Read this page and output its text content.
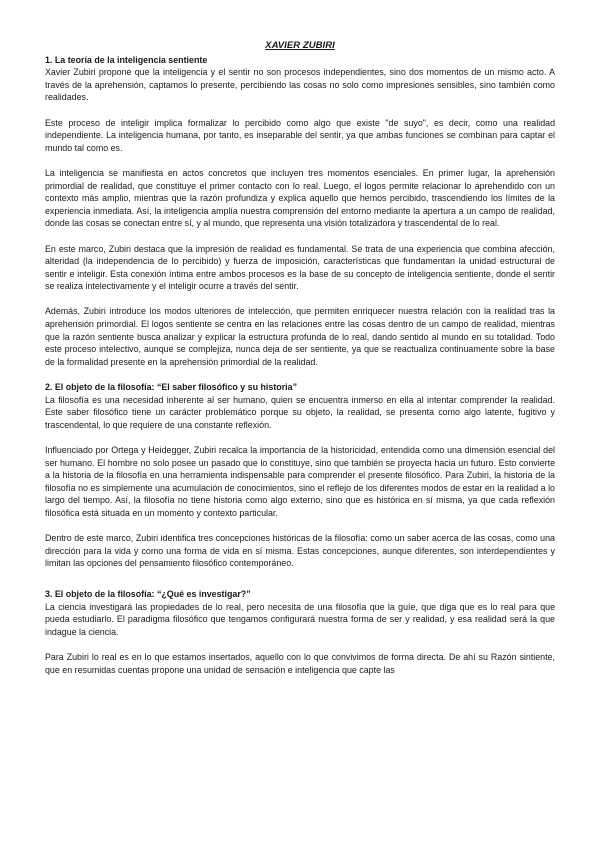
XAVIER ZUBIRI
1. La teoría de la inteligencia sentiente

Xavier Zubiri propone que la inteligencia y el sentir no son procesos independientes, sino dos momentos de un mismo acto. A través de la aprehensión, captamos lo presente, percibiendo las cosas no solo como impresiones sensibles, sino también como realidades.

Este proceso de inteligir implica formalizar lo percibido como algo que existe "de suyo", es decir, como una realidad independiente. La inteligencia humana, por tanto, es inseparable del sentir, ya que ambas funciones se combinan para captar el mundo tal como es.

La inteligencia se manifiesta en actos concretos que incluyen tres momentos esenciales. En primer lugar, la aprehensión primordial de realidad, que constituye el primer contacto con lo real. Luego, el logos permite relacionar lo aprehendido con un contexto más amplio, mientras que la razón profundiza y explica aquello que hemos percibido, trascendiendo los límites de la experiencia inmediata. Así, la inteligencia amplía nuestra comprensión del entorno mediante la apertura a un campo de realidad, donde las cosas se conectan entre sí, y al mundo, que representa una visión totalizadora y trascendental de lo real.

En este marco, Zubiri destaca que la impresión de realidad es fundamental. Se trata de una experiencia que combina afección, alteridad (la independencia de lo percibido) y fuerza de imposición, características que fundamentan la unidad estructural de sentir e inteligir. Esta conexión íntima entre ambos procesos es la base de su concepto de inteligencia sentiente, donde el sentir se realiza intelectivamente y el inteligir ocurre a través del sentir.

Además, Zubiri introduce los modos ulteriores de intelección, que permiten enriquecer nuestra relación con la realidad tras la aprehensión primordial. El logos sentiente se centra en las relaciones entre las cosas dentro de un campo de realidad, mientras que la razón sentiente busca analizar y explicar la estructura profunda de lo real, dando sentido al mundo en su totalidad. Todo este proceso intelectivo, aunque se complejiza, nunca deja de ser sentiente, ya que se reactualiza continuamente sobre la base de la formalidad presente en la aprehensión primordial de la realidad.

2. El objeto de la filosofía: “El saber filosófico y su historia”

La filosofía es una necesidad inherente al ser humano, quien se encuentra inmerso en ella al intentar comprender la realidad. Este saber filosófico tiene un carácter problemático porque su objeto, la realidad, se presenta como algo latente, fugitivo y trascendental, lo que requiere de una constante reflexión.

Influenciado por Ortega y Heidegger, Zubiri recalca la importancia de la historicidad, entendida como una dimensión esencial del ser humano. El hombre no solo posee un pasado que lo constituye, sino que también se proyecta hacia un futuro. Esto convierte a la historia de la filosofía en una herramienta indispensable para comprender el presente filosófico. Para Zubiri, la historia de la filosofía no es simplemente una acumulación de conocimientos, sino el reflejo de los diferentes modos de estar en la realidad a lo largo del tiempo. Así, la filosofía no tiene historia como algo externo, sino que es histórica en sí misma, ya que cada reflexión filosófica está situada en un momento y contexto particular.

Dentro de este marco, Zubiri identifica tres concepciones históricas de la filosofía: como un saber acerca de las cosas, como una dirección para la vida y como una forma de vida en sí misma. Estas concepciones, aunque diferentes, son interdependientes y limitan las opciones del pensamiento filosófico contemporáneo.

3. El objeto de la filosofía: “¿Qué es investigar?”

La ciencia investigará las propiedades de lo real, pero necesita de una filosofía que la guíe, que diga que es lo real para que pueda estudiarlo. El paradigma filosófico que tengamos configurará nuestra forma de ser y realidad, y esa realidad será la que indague la ciencia.

Para Zubiri lo real es en lo que estamos insertados, aquello con lo que convivimos de forma directa. De ahí su Razón sintiente, que en resumidas cuentas propone una unidad de sensación e inteligencia que capte las
